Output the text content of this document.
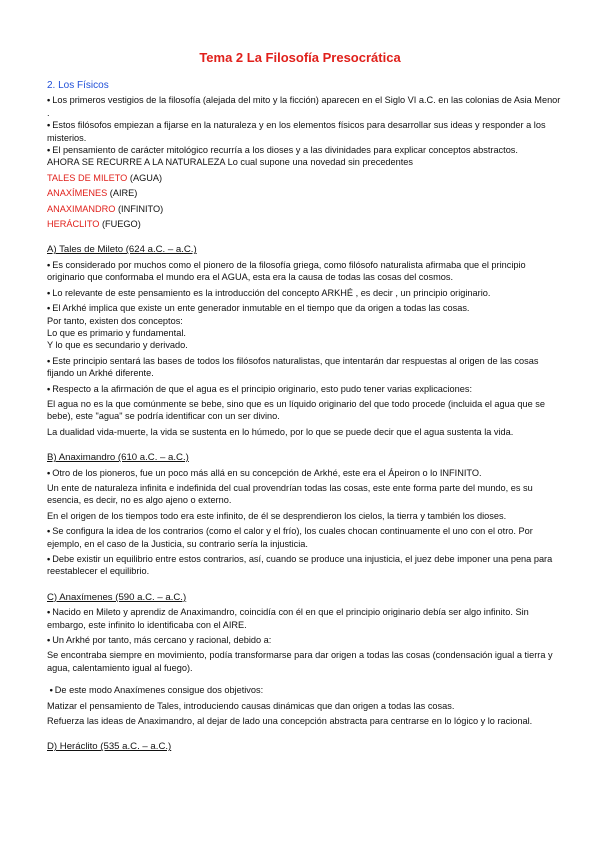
Tema 2 La Filosofía Presocrática

2. Los Físicos

• Los primeros vestigios de la filosofía (alejada del mito y la ficción) aparecen en el Siglo VI a.C. en las colonias de Asia Menor .

• Estos filósofos empiezan a fijarse en la naturaleza y en los elementos físicos para desarrollar sus ideas y responder a los misterios.

• El pensamiento de carácter mitológico recurría a los dioses y a las divinidades para explicar conceptos abstractos.

AHORA SE RECURRE A LA NATURALEZA Lo cual supone una novedad sin precedentes

TALES DE MILETO (AGUA)

ANAXÍMENES (AIRE)

ANAXIMANDRO (INFINITO)

HERÁCLITO (FUEGO)

A) Tales de Mileto (624 a.C. – a.C.)

• Es considerado por muchos como el pionero de la filosofía griega, como filósofo naturalista afirmaba que el principio originario que conformaba el mundo era el AGUA, esta era la causa de todas las cosas del cosmos.

• Lo relevante de este pensamiento es la introducción del concepto ARKHÉ , es decir , un principio originario.

• El Arkhé implica que existe un ente generador inmutable en el tiempo que da origen a todas las cosas.

Por tanto, existen dos conceptos:

Lo que es primario y fundamental.

Y lo que es secundario y derivado.

• Este principio sentará las bases de todos los filósofos naturalistas, que intentarán dar respuestas al origen de las cosas fijando un Arkhé diferente.

• Respecto a la afirmación de que el agua es el principio originario, esto pudo tener varias explicaciones:

El agua no es la que comúnmente se bebe, sino que es un líquido originario del que todo procede (incluida el agua que se bebe), este "agua" se podría identificar con un ser divino.

La dualidad vida-muerte, la vida se sustenta en lo húmedo, por lo que se puede decir que el agua sustenta la vida.

B) Anaximandro (610 a.C. – a.C.)

• Otro de los pioneros, fue un poco más allá en su concepción de Arkhé, este era el Ápeiron o lo INFINITO.

Un ente de naturaleza infinita e indefinida del cual provendrían todas las cosas, este ente forma parte del mundo, es su esencia, es decir, no es algo ajeno o externo.

En el origen de los tiempos todo era este infinito, de él se desprendieron los cielos, la tierra y también los dioses.

• Se configura la idea de los contrarios (como el calor y el frío), los cuales chocan continuamente el uno con el otro. Por ejemplo, en el caso de la Justicia, su contrario sería la injusticia.

• Debe existir un equilibrio entre estos contrarios, así, cuando se produce una injusticia, el juez debe imponer una pena para reestablecer el equilibrio.

C) Anaxímenes (590 a.C. – a.C.)

• Nacido en Mileto y aprendiz de Anaximandro, coincidía con él en que el principio originario debía ser algo infinito. Sin embargo, este infinito lo identificaba con el AIRE.

• Un Arkhé por tanto, más cercano y racional, debido a:

Se encontraba siempre en movimiento, podía transformarse para dar origen a todas las cosas (condensación igual a tierra y agua, calentamiento igual al fuego).

• De este modo Anaxímenes consigue dos objetivos:

Matizar el pensamiento de Tales, introduciendo causas dinámicas que dan origen a todas las cosas.

Refuerza las ideas de Anaximandro, al dejar de lado una concepción abstracta para centrarse en lo lógico y lo racional.

D) Heráclito (535 a.C. – a.C.)
